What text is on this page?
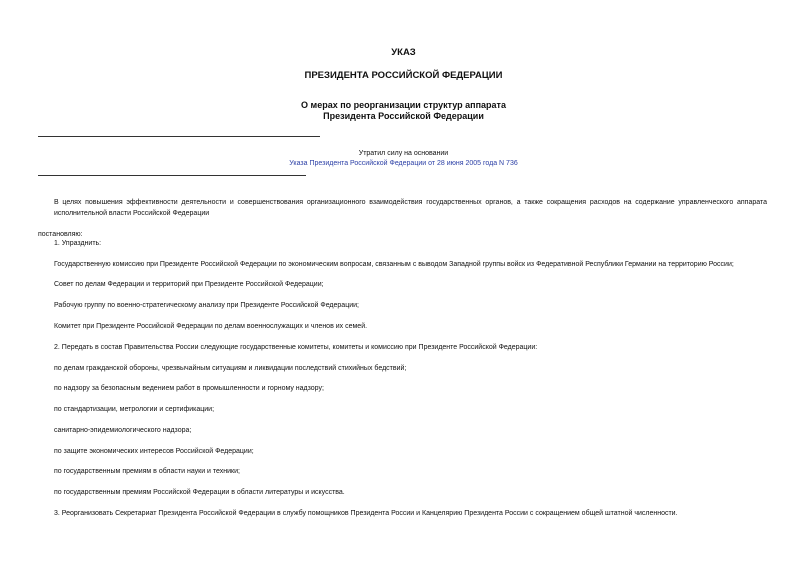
УКАЗ
ПРЕЗИДЕНТА РОССИЙСКОЙ ФЕДЕРАЦИИ
О мерах по реорганизации структур аппарата
Президента Российской Федерации
Утратил силу на основании
Указа Президента Российской Федерации от 28 июня 2005 года N 736
В целях повышения эффективности деятельности и совершенствования организационного взаимодействия государственных органов, а также сокращения расходов на содержание управленческого аппарата исполнительной власти Российской Федерации
постановляю:
1. Упразднить:
Государственную комиссию при Президенте Российской Федерации по экономическим вопросам, связанным с выводом Западной группы войск из Федеративной Республики Германии на территорию России;
Совет по делам Федерации и территорий при Президенте Российской Федерации;
Рабочую группу по военно-стратегическому анализу при Президенте Российской Федерации;
Комитет при Президенте Российской Федерации по делам военнослужащих и членов их семей.
2. Передать в состав Правительства России следующие государственные комитеты, комитеты и комиссию при Президенте Российской Федерации:
по делам гражданской обороны, чрезвычайным ситуациям и ликвидации последствий стихийных бедствий;
по надзору за безопасным ведением работ в промышленности и горному надзору;
по стандартизации, метрологии и сертификации;
санитарно-эпидемиологического надзора;
по защите экономических интересов Российской Федерации;
по государственным премиям в области науки и техники;
по государственным премиям Российской Федерации в области литературы и искусства.
3. Реорганизовать Секретариат Президента Российской Федерации в службу помощников Президента России и Канцелярию Президента России с сокращением общей штатной численности.
